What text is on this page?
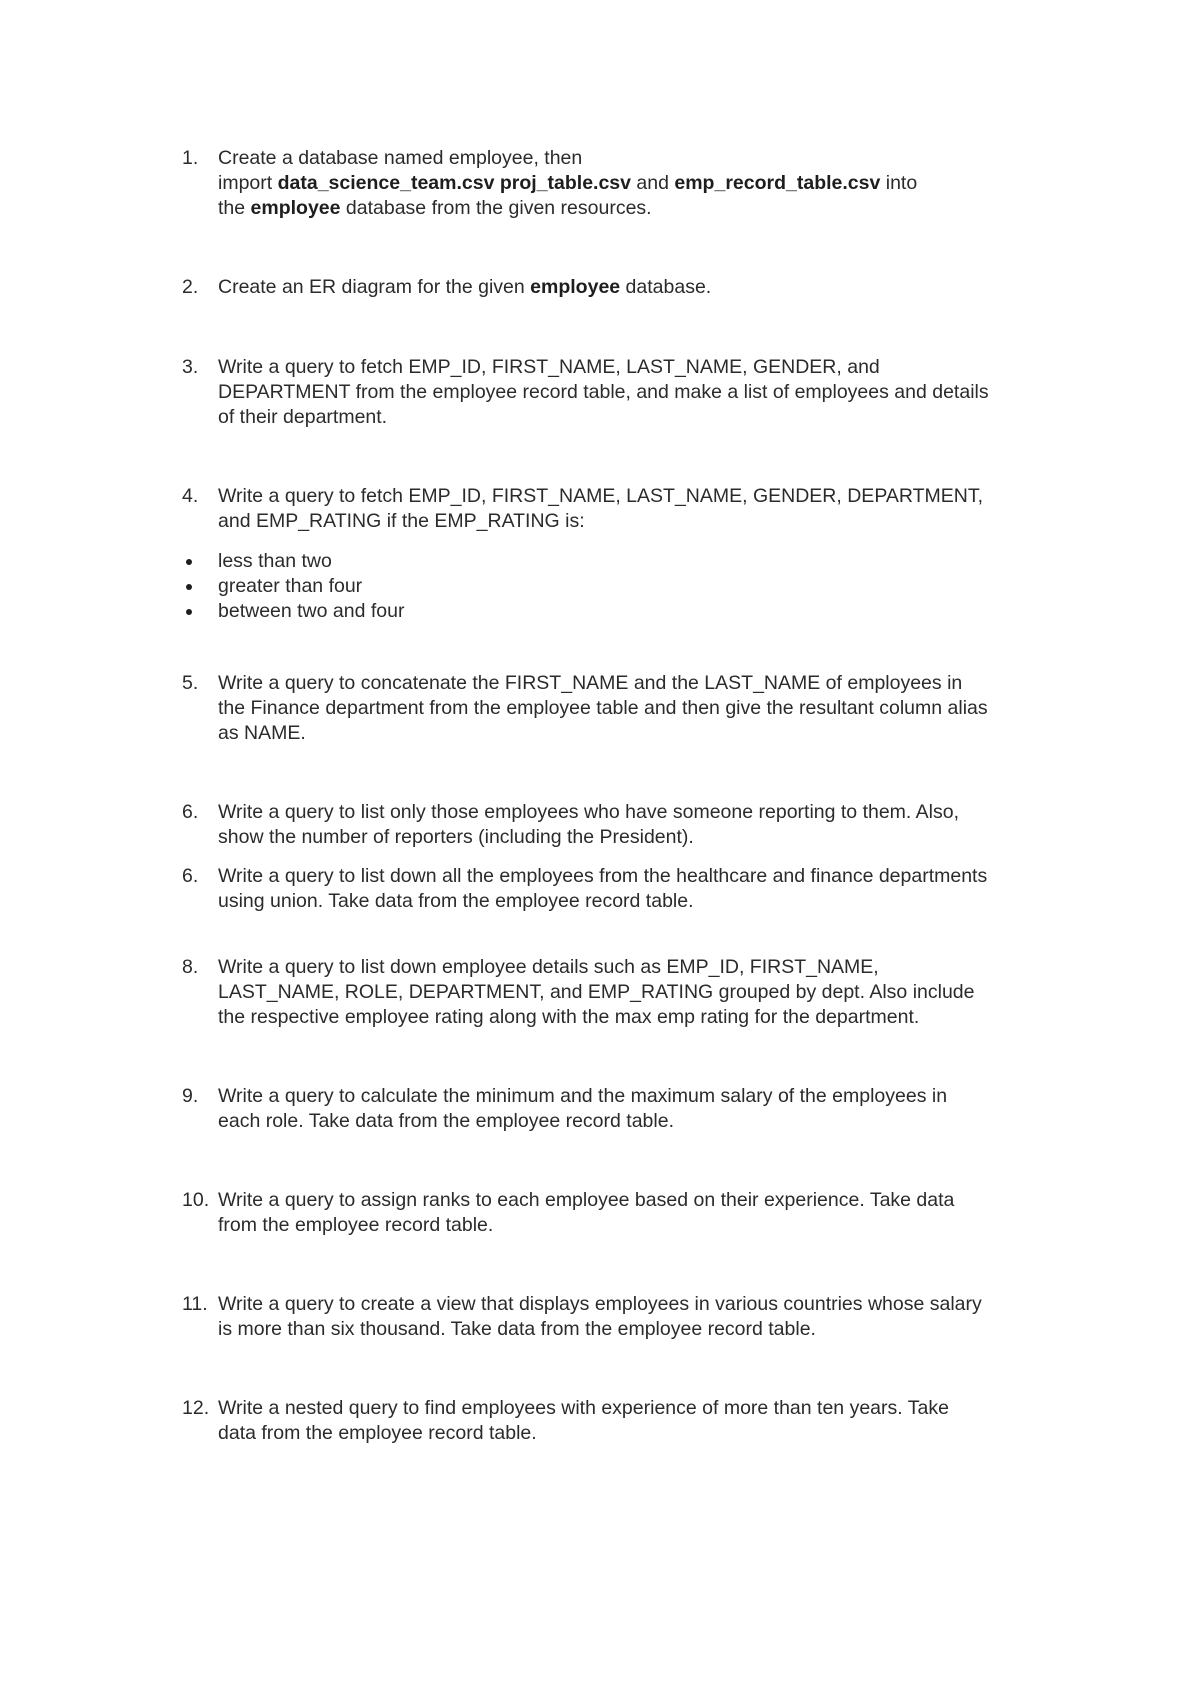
1.	Create a database named employee, then
import data_science_team.csv proj_table.csv and emp_record_table.csv into
the employee database from the given resources.
2.	Create an ER diagram for the given employee database.
3.	Write a query to fetch EMP_ID, FIRST_NAME, LAST_NAME, GENDER, and
DEPARTMENT from the employee record table, and make a list of employees and details
of their department.
4.	Write a query to fetch EMP_ID, FIRST_NAME, LAST_NAME, GENDER, DEPARTMENT,
and EMP_RATING if the EMP_RATING is:
less than two
greater than four
between two and four
5.	Write a query to concatenate the FIRST_NAME and the LAST_NAME of employees in
the Finance department from the employee table and then give the resultant column alias
as NAME.
6.	Write a query to list only those employees who have someone reporting to them. Also,
show the number of reporters (including the President).
6.	Write a query to list down all the employees from the healthcare and finance departments
using union. Take data from the employee record table.
8.	Write a query to list down employee details such as EMP_ID, FIRST_NAME,
LAST_NAME, ROLE, DEPARTMENT, and EMP_RATING grouped by dept. Also include
the respective employee rating along with the max emp rating for the department.
9.	Write a query to calculate the minimum and the maximum salary of the employees in
each role. Take data from the employee record table.
10. Write a query to assign ranks to each employee based on their experience. Take data
from the employee record table.
11. Write a query to create a view that displays employees in various countries whose salary
is more than six thousand. Take data from the employee record table.
12. Write a nested query to find employees with experience of more than ten years. Take
data from the employee record table.
